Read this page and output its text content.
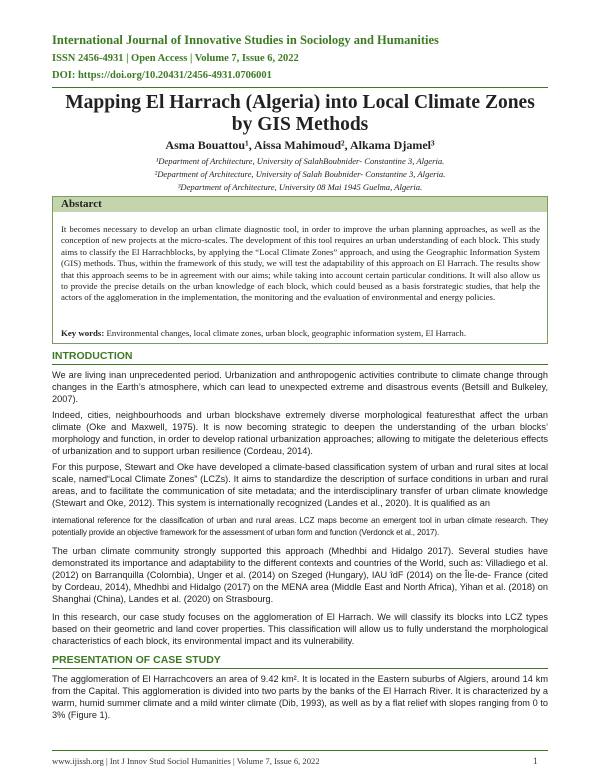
International Journal of Innovative Studies in Sociology and Humanities
ISSN 2456-4931 | Open Access | Volume 7, Issue 6, 2022
DOI: https://doi.org/10.20431/2456-4931.0706001
Mapping El Harrach (Algeria) into Local Climate Zones
by GIS Methods
Asma Bouattou¹, Aissa Mahimoud², Alkama Djamel³
¹Department of Architecture, University of SalahBoubnider- Constantine 3, Algeria.
²Department of Architecture, University of Salah Boubnider- Constantine 3, Algeria.
³Department of Architecture, University 08 Mai 1945 Guelma, Algeria.
Abstarct
It becomes necessary to develop an urban climate diagnostic tool, in order to improve the urban planning approaches, as well as the conception of new projects at the micro-scales. The development of this tool requires an urban understanding of each block. This study aims to classify the El Harrachblocks, by applying the “Local Climate Zones” approach, and using the Geographic Information System (GIS) methods. Thus, within the framework of this study, we will test the adaptability of this approach on El Harrach. The results show that this approach seems to be in agreement with our aims; while taking into account certain particular conditions. It will also allow us to provide the precise details on the urban knowledge of each block, which could beused as a basis forstrategic studies, that help the actors of the agglomeration in the implementation, the monitoring and the evaluation of environmental and energy policies.
Key words: Environmental changes, local climate zones, urban block, geographic information system, El Harrach.
INTRODUCTION
We are living inan unprecedented period. Urbanization and anthropogenic activities contribute to climate change through changes in the Earth’s atmosphere, which can lead to unexpected extreme and disastrous events (Betsill and Bulkeley, 2007).
Indeed, cities, neighbourhoods and urban blockshave extremely diverse morphological featuresthat affect the urban climate (Oke and Maxwell, 1975). It is now becoming strategic to deepen the understanding of the urban blocks’ morphology and function, in order to develop rational urbanization approaches; allowing to mitigate the deleterious effects of urbanization and to support urban resilience (Cordeau, 2014).
For this purpose, Stewart and Oke have developed a climate-based classification system of urban and rural sites at local scale, named“Local Climate Zones” (LCZs). It aims to standardize the description of surface conditions in urban and rural areas, and to facilitate the communication of site metadata; and the interdisciplinary transfer of urban climate knowledge (Stewart and Oke, 2012). This system is internationally recognized (Landes et al., 2020). It is qualified as an
international reference for the classification of urban and rural areas. LCZ maps become an emergent tool in urban climate research. They potentially provide an objective framework for the assessment of urban form and function (Verdonck et al., 2017).
The urban climate community strongly supported this approach (Mhedhbi and Hidalgo 2017). Several studies have demonstrated its importance and adaptability to the different contexts and countries of the World, such as: Villadiego et al. (2012) on Barranquilla (Colombia), Unger et al. (2014) on Szeged (Hungary), IAU îdF (2014) on the Île-de- France (cited by Cordeau, 2014), Mhedhbi and Hidalgo (2017) on the MENA area (Middle East and North Africa), Yihan et al. (2018) on Shanghai (China), Landes et al. (2020) on Strasbourg.
In this research, our case study focuses on the agglomeration of El Harrach. We will classify its blocks into LCZ types based on their geometric and land cover properties. This classification will allow us to fully understand the morphological characteristics of each block, its environmental impact and its vulnerability.
PRESENTATION OF CASE STUDY
The agglomeration of El Harrachcovers an area of 9.42 km². It is located in the Eastern suburbs of Algiers, around 14 km from the Capital. This agglomeration is divided into two parts by the banks of the El Harrach River. It is characterized by a warm, humid summer climate and a mild winter climate (Dib, 1993), as well as by a flat relief with slopes ranging from 0 to 3% (Figure 1).
www.ijissh.org | Int J Innov Stud Sociol Humanities | Volume 7, Issue 6, 2022	1
